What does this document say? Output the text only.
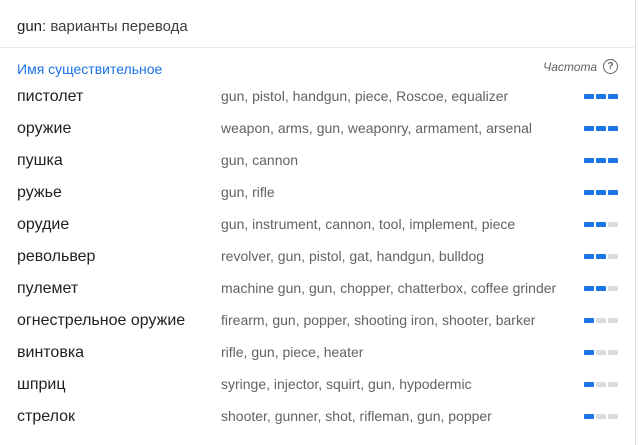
gun: варианты перевода
Имя существительное	Частота	?
пистолет	gun, pistol, handgun, piece, Roscoe, equalizer
оружие	weapon, arms, gun, weaponry, armament, arsenal
пушка	gun, cannon
ружье	gun, rifle
орудие	gun, instrument, cannon, tool, implement, piece
револьвер	revolver, gun, pistol, gat, handgun, bulldog
пулемет	machine gun, gun, chopper, chatterbox, coffee grinder
огнестрельное оружие	firearm, gun, popper, shooting iron, shooter, barker
винтовка	rifle, gun, piece, heater
шприц	syringe, injector, squirt, gun, hypodermic
стрелок	shooter, gunner, shot, rifleman, gun, popper
